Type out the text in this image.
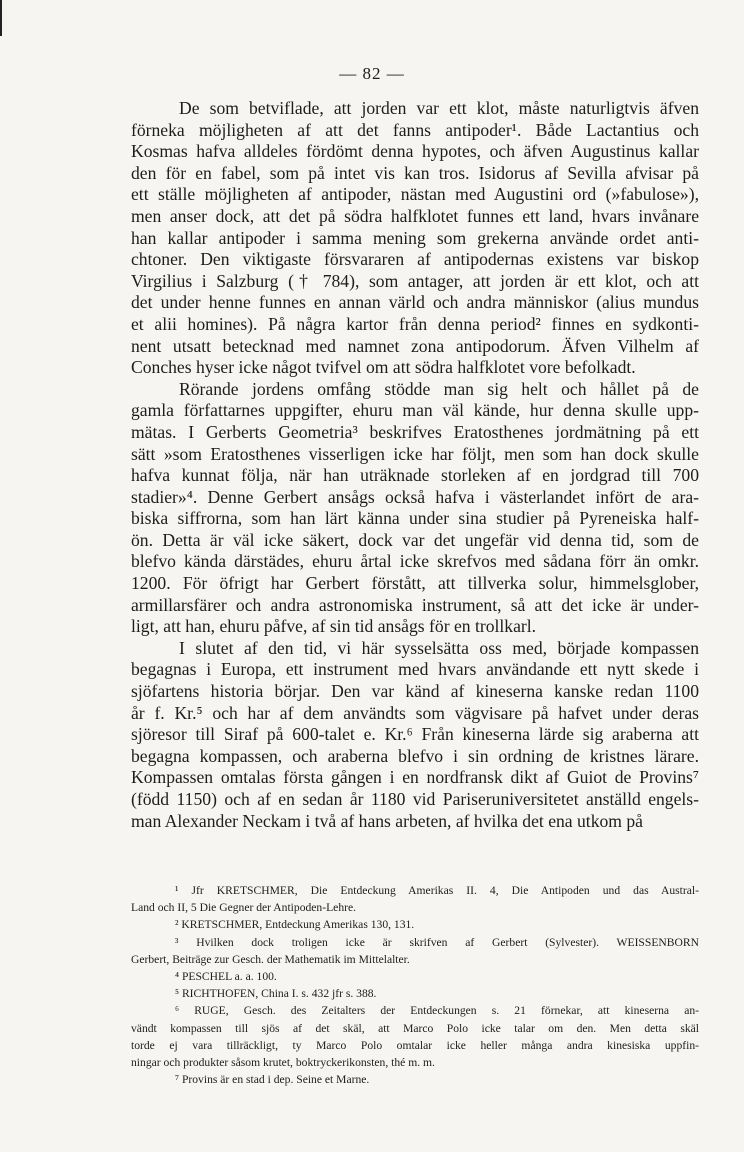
— 82 —
De som betviflade, att jorden var ett klot, måste naturligtvis äfven
förneka möjligheten af att det fanns antipoder¹. Både Lactantius och
Kosmas hafva alldeles fördömt denna hypotes, och äfven Augustinus kallar
den för en fabel, som på intet vis kan tros. Isidorus af Sevilla afvisar på
ett ställe möjligheten af antipoder, nästan med Augustini ord (»fabulose»),
men anser dock, att det på södra halfklotet funnes ett land, hvars invånare
han kallar antipoder i samma mening som grekerna använde ordet anti-
chtoner. Den viktigaste försvararen af antipodernas existens var biskop
Virgilius i Salzburg († 784), som antager, att jorden är ett klot, och att
det under henne funnes en annan värld och andra människor (alius mundus
et alii homines). På några kartor från denna period² finnes en sydkonti-
nent utsatt betecknad med namnet zona antipodorum. Äfven Vilhelm af
Conches hyser icke något tvifvel om att södra halfklotet vore befolkadt.
Rörande jordens omfång stödde man sig helt och hållet på de
gamla författarnes uppgifter, ehuru man väl kände, hur denna skulle upp-
mätas. I Gerberts Geometria³ beskrifves Eratosthenes jordmätning på ett
sätt »som Eratosthenes visserligen icke har följt, men som han dock skulle
hafva kunnat följa, när han uträknade storleken af en jordgrad till 700
stadier»⁴. Denne Gerbert ansågs också hafva i västerlandet infört de ara-
biska siffrorna, som han lärt känna under sina studier på Pyreneiska half-
ön. Detta är väl icke säkert, dock var det ungefär vid denna tid, som de
blefvo kända därstädes, ehuru årtal icke skrefvos med sådana förr än omkr.
1200. För öfrigt har Gerbert förstått, att tillverka solur, himmelsglober,
armillarsfärer och andra astronomiska instrument, så att det icke är under-
ligt, att han, ehuru påfve, af sin tid ansågs för en trollkarl.
I slutet af den tid, vi här sysselsätta oss med, började kompassen
begagnas i Europa, ett instrument med hvars användande ett nytt skede i
sjöfartens historia börjar. Den var känd af kineserna kanske redan 1100
år f. Kr.⁵ och har af dem användts som vägvisare på hafvet under deras
sjöresor till Siraf på 600-talet e. Kr.⁶ Från kineserna lärde sig araberna att
begagna kompassen, och araberna blefvo i sin ordning de kristnes lärare.
Kompassen omtalas första gången i en nordfransk dikt af Guiot de Provins⁷
(född 1150) och af en sedan år 1180 vid Pariseruniversitetet anställd engels-
man Alexander Neckam i två af hans arbeten, af hvilka det ena utkom på
¹ Jfr KRETSCHMER, Die Entdeckung Amerikas II. 4, Die Antipoden und das Austral-
Land och II, 5 Die Gegner der Antipoden-Lehre.
² KRETSCHMER, Entdeckung Amerikas 130, 131.
³ Hvilken dock troligen icke är skrifven af Gerbert (Sylvester). WEISSENBORN
Gerbert, Beiträge zur Gesch. der Mathematik im Mittelalter.
⁴ PESCHEL a. a. 100.
⁵ RICHTHOFEN, China I. s. 432 jfr s. 388.
⁶ RUGE, Gesch. des Zeitalters der Entdeckungen s. 21 förnekar, att kineserna an-
vändt kompassen till sjös af det skäl, att Marco Polo icke talar om den. Men detta skäl
torde ej vara tillräckligt, ty Marco Polo omtalar icke heller många andra kinesiska uppfin-
ningar och produkter såsom krutet, boktryckerikonsten, thé m. m.
⁷ Provins är en stad i dep. Seine et Marne.
